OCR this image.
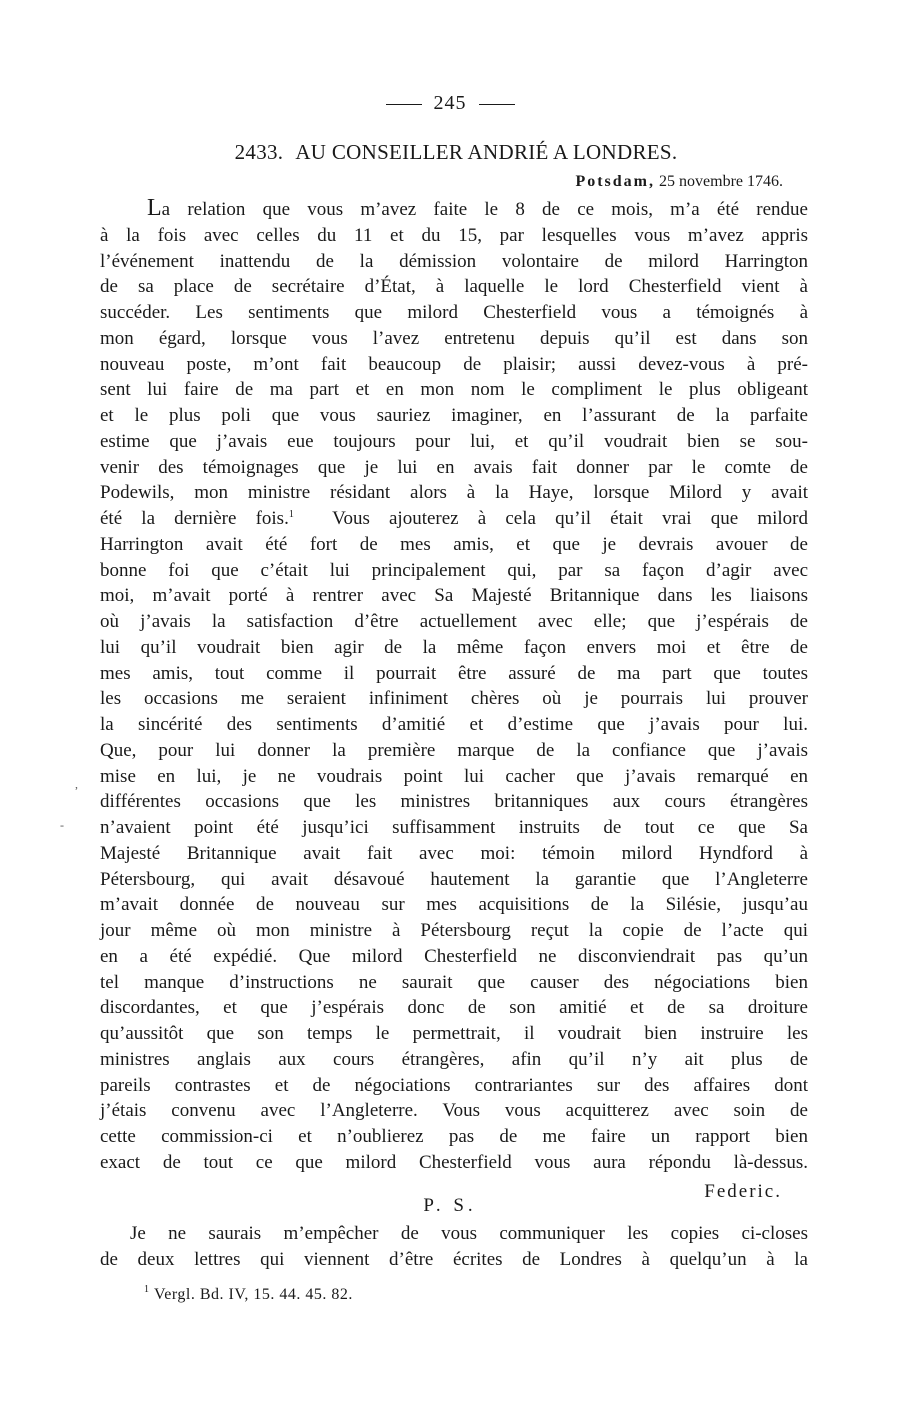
245
2433. AU CONSEILLER ANDRIÉ A LONDRES.
Potsdam, 25 novembre 1746.
La relation que vous m’avez faite le 8 de ce mois, m’a été rendue
à la fois avec celles du 11 et du 15, par lesquelles vous m’avez appris
l’événement inattendu de la démission volontaire de milord Harrington
de sa place de secrétaire d’État, à laquelle le lord Chesterfield vient à
succéder. Les sentiments que milord Chesterfield vous a témoignés à
mon égard, lorsque vous l’avez entretenu depuis qu’il est dans son
nouveau poste, m’ont fait beaucoup de plaisir; aussi devez-vous à pré-
sent lui faire de ma part et en mon nom le compliment le plus obligeant
et le plus poli que vous sauriez imaginer, en l’assurant de la parfaite
estime que j’avais eue toujours pour lui, et qu’il voudrait bien se sou-
venir des témoignages que je lui en avais fait donner par le comte de
Podewils, mon ministre résidant alors à la Haye, lorsque Milord y avait
été la dernière fois.$^1$ Vous ajouterez à cela qu’il était vrai que milord
Harrington avait été fort de mes amis, et que je devrais avouer de
bonne foi que c’était lui principalement qui, par sa façon d’agir avec
moi, m’avait porté à rentrer avec Sa Majesté Britannique dans les liaisons
où j’avais la satisfaction d’être actuellement avec elle; que j’espérais de
lui qu’il voudrait bien agir de la même façon envers moi et être de
mes amis, tout comme il pourrait être assuré de ma part que toutes
les occasions me seraient infiniment chères où je pourrais lui prouver
la sincérité des sentiments d’amitié et d’estime que j’avais pour lui.
Que, pour lui donner la première marque de la confiance que j’avais
mise en lui, je ne voudrais point lui cacher que j’avais remarqué en
différentes occasions que les ministres britanniques aux cours étrangères
n’avaient point été jusqu’ici suffisamment instruits de tout ce que Sa
Majesté Britannique avait fait avec moi: témoin milord Hyndford à
Pétersbourg, qui avait désavoué hautement la garantie que l’Angleterre
m’avait donnée de nouveau sur mes acquisitions de la Silésie, jusqu’au
jour même où mon ministre à Pétersbourg reçut la copie de l’acte qui
en a été expédié. Que milord Chesterfield ne disconviendrait pas qu’un
tel manque d’instructions ne saurait que causer des négociations bien
discordantes, et que j’espérais donc de son amitié et de sa droiture
qu’aussitôt que son temps le permettrait, il voudrait bien instruire les
ministres anglais aux cours étrangères, afin qu’il n’y ait plus de
pareils contrastes et de négociations contrariantes sur des affaires dont
j’étais convenu avec l’Angleterre. Vous vous acquitterez avec soin de
cette commission-ci et n’oublierez pas de me faire un rapport bien
exact de tout ce que milord Chesterfield vous aura répondu là-dessus.
Federic.
P. S.
Je ne saurais m’empêcher de vous communiquer les copies ci-closes
de deux lettres qui viennent d’être écrites de Londres à quelqu’un à la
$^1$ Vergl. Bd. IV, 15. 44. 45. 82.
,
-
